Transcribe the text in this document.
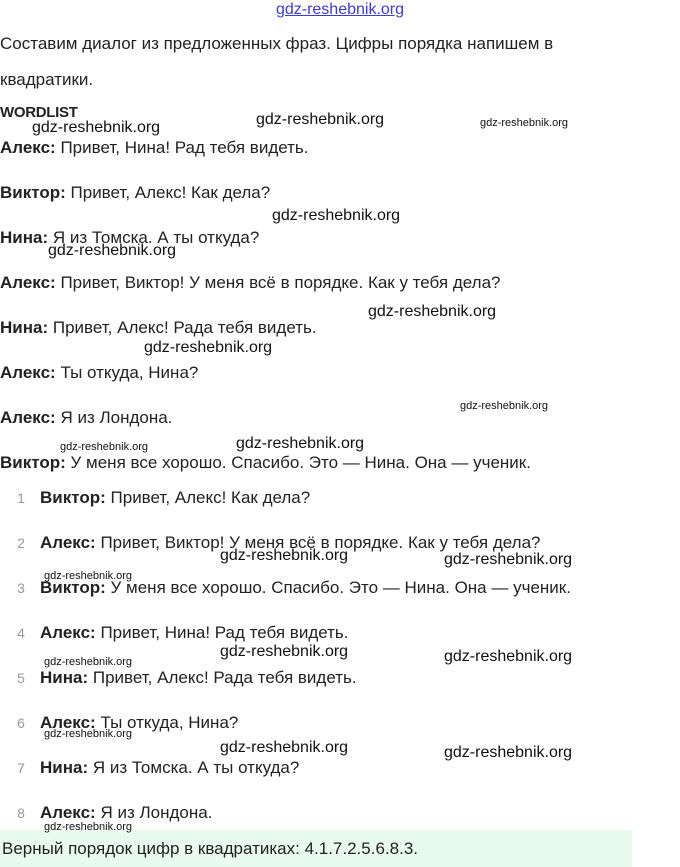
gdz-reshebnik.org
Составим диалог из предложенных фраз. Цифры порядка напишем в
квадратики.
WORDLIST
Алекс: Привет, Нина! Рад тебя видеть.
Виктор: Привет, Алекс! Как дела?
Нина: Я из Томска. А ты откуда?
Алекс: Привет, Виктор! У меня всё в порядке. Как у тебя дела?
Нина: Привет, Алекс! Рада тебя видеть.
Алекс: Ты откуда, Нина?
Алекс: Я из Лондона.
Виктор: У меня все хорошо. Спасибо. Это — Нина. Она — ученик.
1 Виктор: Привет, Алекс! Как дела?
2 Алекс: Привет, Виктор! У меня всё в порядке. Как у тебя дела?
3 Виктор: У меня все хорошо. Спасибо. Это — Нина. Она — ученик.
4 Алекс: Привет, Нина! Рад тебя видеть.
5 Нина: Привет, Алекс! Рада тебя видеть.
6 Алекс: Ты откуда, Нина?
7 Нина: Я из Томска. А ты откуда?
8 Алекс: Я из Лондона.
Верный порядок цифр в квадратиках: 4.1.7.2.5.6.8.3.
gdz-reshebnik.org	gdz-reshebnik.org	gdz-reshebnik.org
gdz-reshebnik.org
gdz-reshebnik.org
gdz-reshebnik.org
gdz-reshebnik.org
gdz-reshebnik.org
gdz-reshebnik.org
gdz-reshebnik.org
gdz-reshebnik.org	gdz-reshebnik.org
gdz-reshebnik.org
gdz-reshebnik.org	gdz-reshebnik.org
gdz-reshebnik.org
gdz-reshebnik.org
gdz-reshebnik.org	gdz-reshebnik.org
gdz-reshebnik.org
